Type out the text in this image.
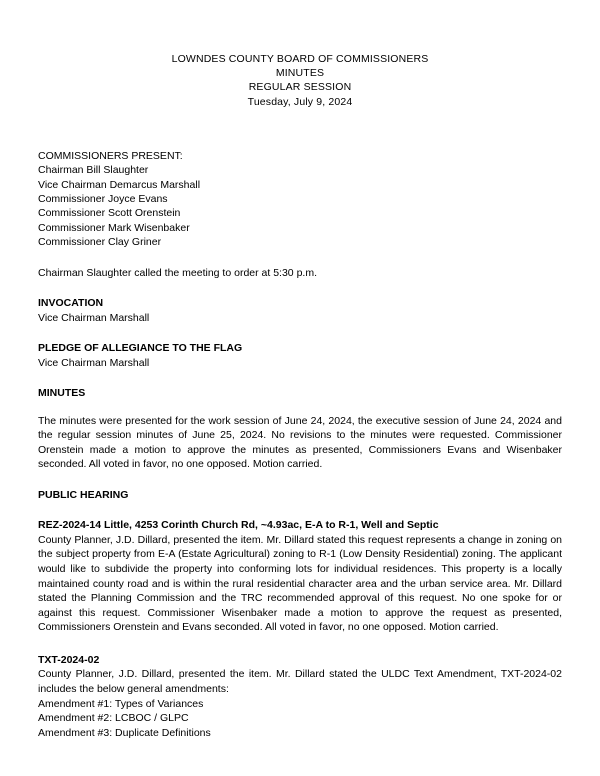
LOWNDES COUNTY BOARD OF COMMISSIONERS
MINUTES
REGULAR SESSION
Tuesday, July 9, 2024
COMMISSIONERS PRESENT:
Chairman Bill Slaughter
Vice Chairman Demarcus Marshall
Commissioner Joyce Evans
Commissioner Scott Orenstein
Commissioner Mark Wisenbaker
Commissioner Clay Griner
Chairman Slaughter called the meeting to order at 5:30 p.m.
INVOCATION
Vice Chairman Marshall
PLEDGE OF ALLEGIANCE TO THE FLAG
Vice Chairman Marshall
MINUTES
The minutes were presented for the work session of June 24, 2024, the executive session of June 24, 2024 and the regular session minutes of June 25, 2024. No revisions to the minutes were requested. Commissioner Orenstein made a motion to approve the minutes as presented, Commissioners Evans and Wisenbaker seconded. All voted in favor, no one opposed. Motion carried.
PUBLIC HEARING
REZ-2024-14 Little, 4253 Corinth Church Rd, ~4.93ac, E-A to R-1, Well and Septic
County Planner, J.D. Dillard, presented the item. Mr. Dillard stated this request represents a change in zoning on the subject property from E-A (Estate Agricultural) zoning to R-1 (Low Density Residential) zoning. The applicant would like to subdivide the property into conforming lots for individual residences. This property is a locally maintained county road and is within the rural residential character area and the urban service area. Mr. Dillard stated the Planning Commission and the TRC recommended approval of this request. No one spoke for or against this request. Commissioner Wisenbaker made a motion to approve the request as presented, Commissioners Orenstein and Evans seconded. All voted in favor, no one opposed. Motion carried.
TXT-2024-02
County Planner, J.D. Dillard, presented the item. Mr. Dillard stated the ULDC Text Amendment, TXT-2024-02 includes the below general amendments:
Amendment #1: Types of Variances
Amendment #2: LCBOC / GLPC
Amendment #3: Duplicate Definitions
